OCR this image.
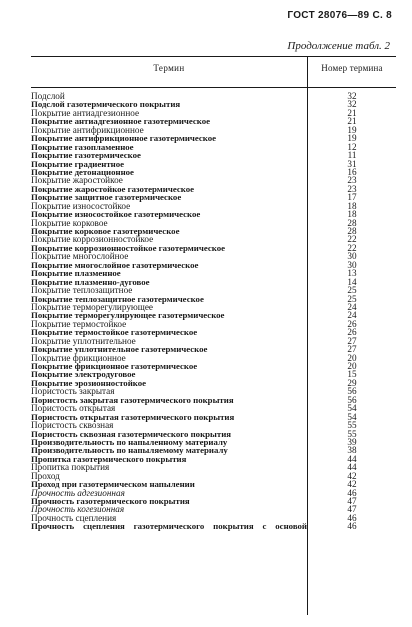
ГОСТ 28076—89 С. 8
Продолжение табл. 2
Термин	Номер термина
Подслой	32
Подслой газотермического покрытия	32
Покрытие антиадгезионное	21
Покрытие антиадгезионное газотермическое	21
Покрытие антифрикционное	19
Покрытие антифрикционное газотермическое	19
Покрытие газопламенное	12
Покрытие газотермическое	11
Покрытие градиентное	31
Покрытие детонационное	16
Покрытие жаростойкое	23
Покрытие жаростойкое газотермическое	23
Покрытие защитное газотермическое	17
Покрытие износостойкое	18
Покрытие износостойкое газотермическое	18
Покрытие корковое	28
Покрытие корковое газотермическое	28
Покрытие коррозионностойкое	22
Покрытие коррозионностойкое газотермическое	22
Покрытие многослойное	30
Покрытие многослойное газотермическое	30
Покрытие плазменное	13
Покрытие плазменно-дуговое	14
Покрытие теплозащитное	25
Покрытие теплозащитное газотермическое	25
Покрытие терморегулирующее	24
Покрытие терморегулирующее газотермическое	24
Покрытие термостойкое	26
Покрытие термостойкое газотермическое	26
Покрытие уплотнительное	27
Покрытие уплотнительное газотермическое	27
Покрытие фрикционное	20
Покрытие фрикционное газотермическое	20
Покрытие электродуговое	15
Покрытие эрозионностойкое	29
Пористость закрытая	56
Пористость закрытая газотермического покрытия	56
Пористость открытая	54
Пористость открытая газотермического покрытия	54
Пористость сквозная	55
Пористость сквозная газотермического покрытия	55
Производительность по напыленному материалу	39
Производительность по напыляемому материалу	38
Пропитка газотермического покрытия	44
Пропитка покрытия	44
Проход	42
Проход при газотермическом напылении	42
Прочность адгезионная	46
Прочность газотермического покрытия	47
Прочность когезионная	47
Прочность сцепления	46
Прочность сцепления газотермического покрытия с основой	46
